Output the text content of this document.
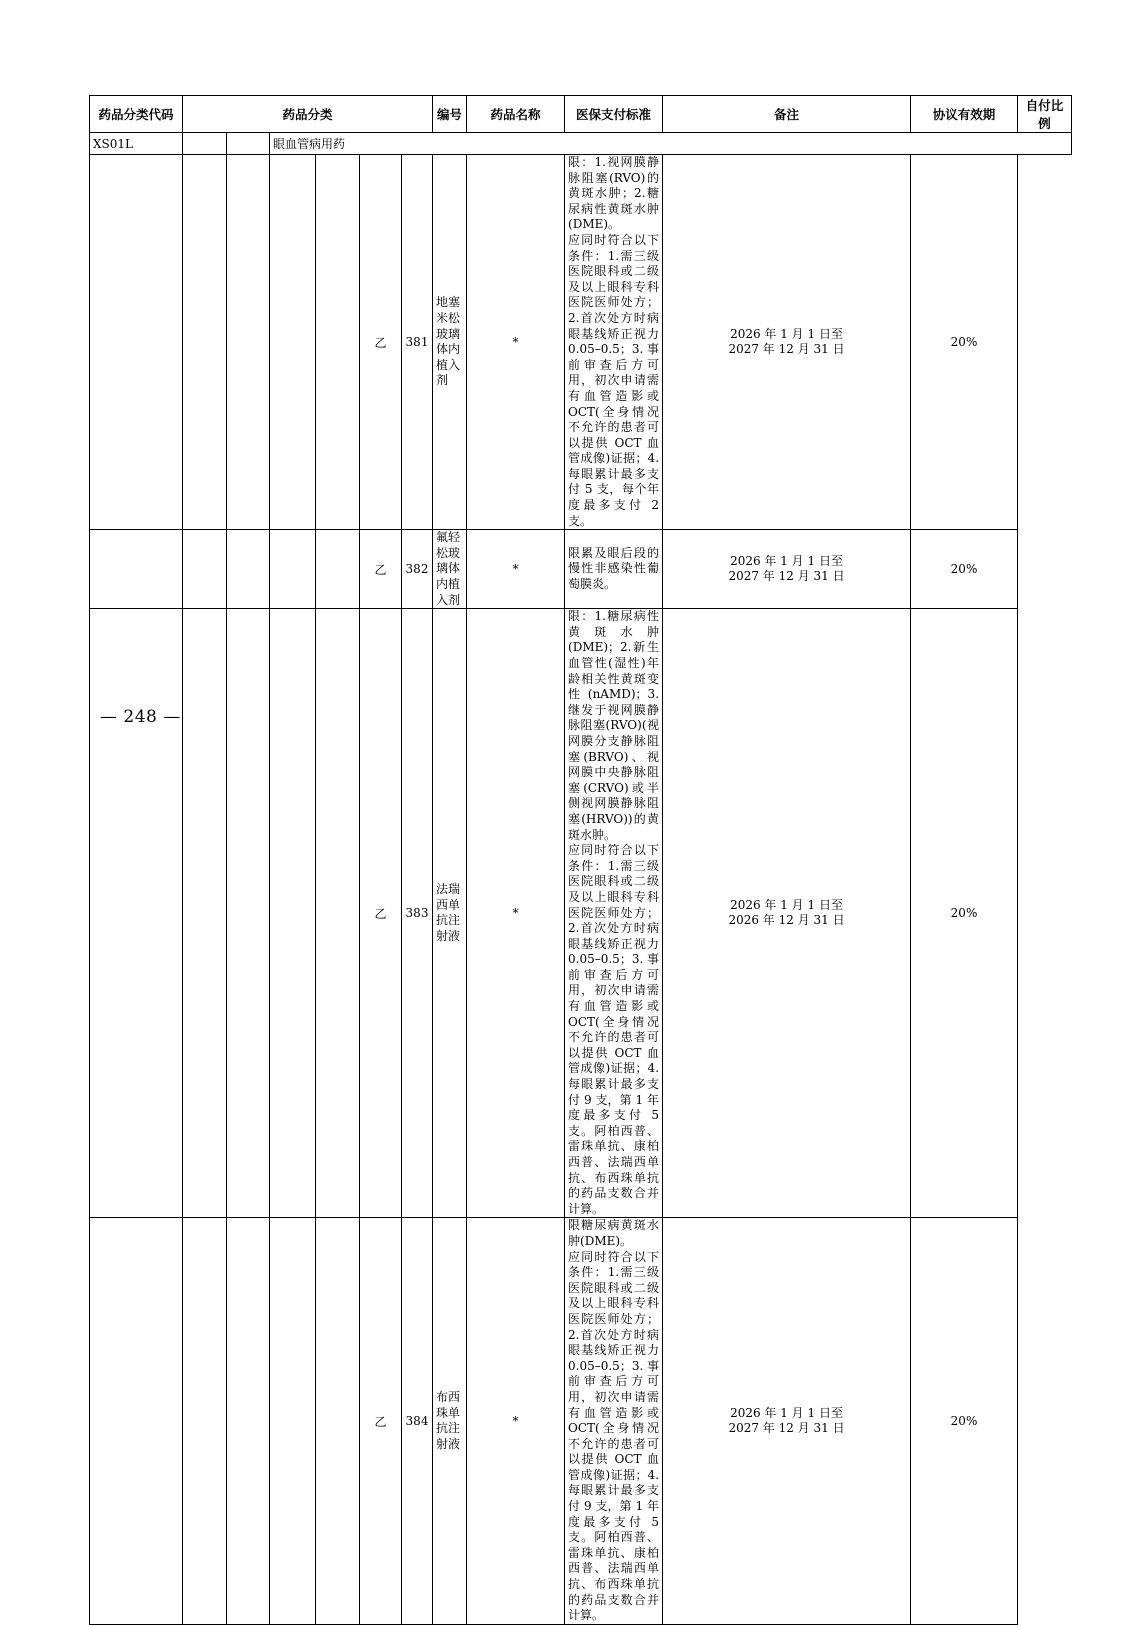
药品分类代码	药品分类						编号	药品名称	医保支付标准	备注	协议有效期	自付比例
XS01L			眼血管病用药									
					乙	381	地塞米松玻璃体内植入剂	*	限：1.视网膜静脉阻塞(RVO)的黄斑水肿；2.糖尿病性黄斑水肿(DME)。
应同时符合以下条件：1.需三级医院眼科或二级及以上眼科专科医院医师处方；2.首次处方时病眼基线矫正视力 0.05–0.5；3.事前审查后方可用，初次申请需有血管造影或OCT(全身情况不允许的患者可以提供 OCT 血管成像)证据；4.每眼累计最多支付 5 支，每个年度最多支付 2 支。	2026 年 1 月 1 日至
2027 年 12 月 31 日	20%	
					乙	382	氟轻松玻璃体内植入剂	*	限累及眼后段的慢性非感染性葡萄膜炎。	2026 年 1 月 1 日至
2027 年 12 月 31 日	20%	
					乙	383	法瑞西单抗注射液	*	限：1.糖尿病性黄斑水肿(DME)；2.新生血管性(湿性)年龄相关性黄斑变性(nAMD)；3.继发于视网膜静脉阻塞(RVO)(视网膜分支静脉阻塞(BRVO)、视网膜中央静脉阻塞(CRVO)或半侧视网膜静脉阻塞(HRVO))的黄斑水肿。
应同时符合以下条件：1.需三级医院眼科或二级及以上眼科专科医院医师处方；2.首次处方时病眼基线矫正视力 0.05–0.5；3.事前审查后方可用，初次申请需有血管造影或OCT(全身情况不允许的患者可以提供 OCT 血管成像)证据；4.每眼累计最多支付 9 支，第 1 年度最多支付 5 支。阿柏西普、雷珠单抗、康柏西普、法瑞西单抗、布西珠单抗的药品支数合并计算。	2026 年 1 月 1 日至
2026 年 12 月 31 日	20%	
					乙	384	布西珠单抗注射液	*	限糖尿病黄斑水肿(DME)。
应同时符合以下条件：1.需三级医院眼科或二级及以上眼科专科医院医师处方；2.首次处方时病眼基线矫正视力 0.05–0.5；3.事前审查后方可用，初次申请需有血管造影或OCT(全身情况不允许的患者可以提供 OCT 血管成像)证据；4.每眼累计最多支付 9 支，第 1 年度最多支付 5 支。阿柏西普、雷珠单抗、康柏西普、法瑞西单抗、布西珠单抗的药品支数合并计算。	2026 年 1 月 1 日至
2027 年 12 月 31 日	20%	
— 248 —
